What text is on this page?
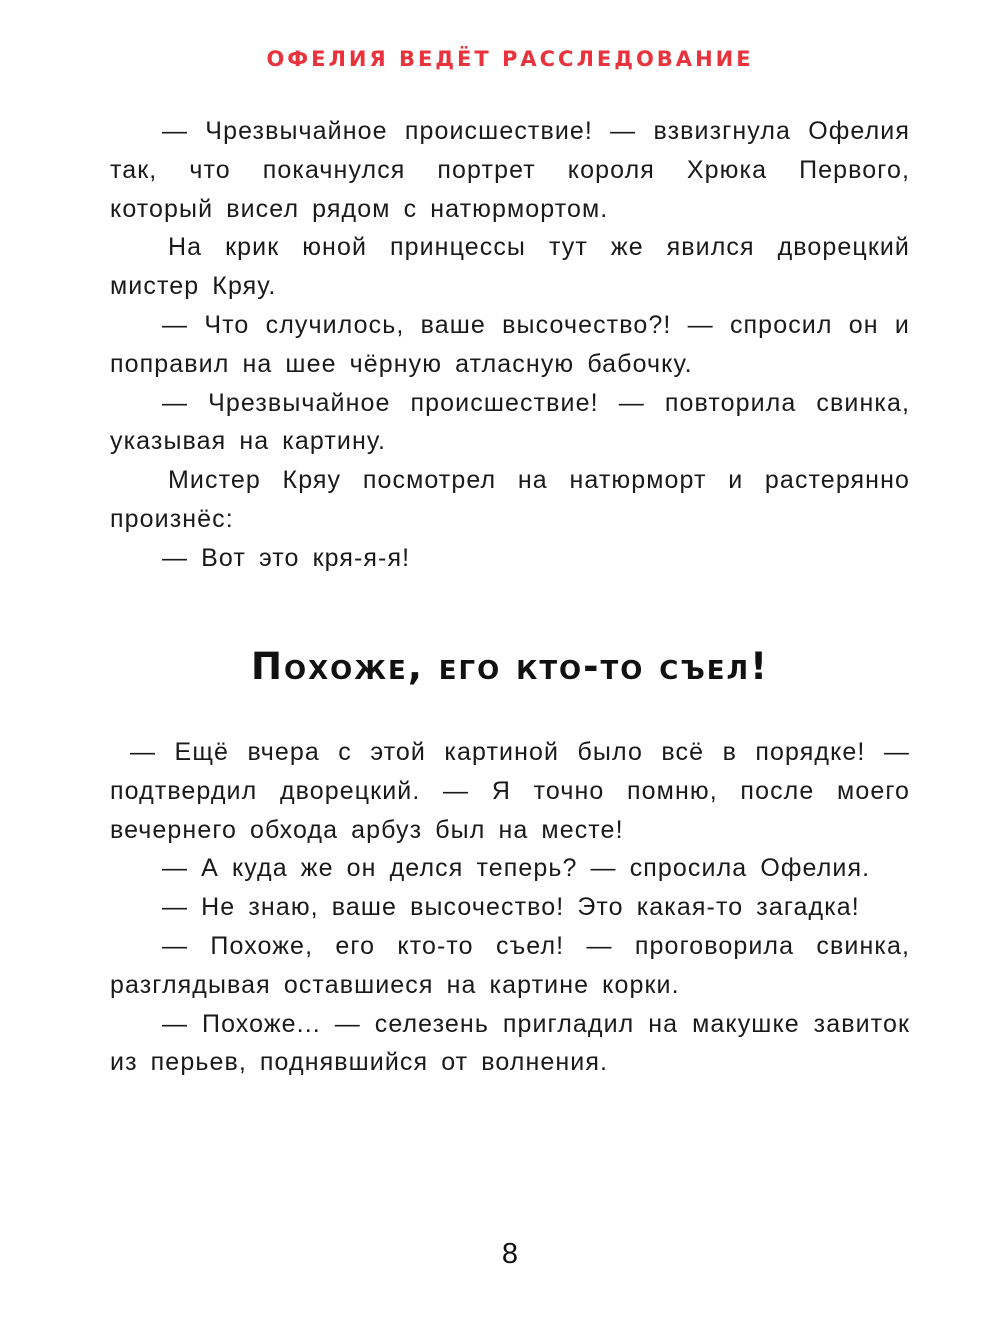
ОФЕЛИЯ ВЕДЁТ РАССЛЕДОВАНИЕ

— Чрезвычайное происшествие! — взвизгнула Офелия так, что покачнулся портрет короля Хрюка Первого, который висел рядом с натюрмортом.

На крик юной принцессы тут же явился дворецкий мистер Кряу.

— Что случилось, ваше высочество?! — спросил он и поправил на шее чёрную атласную бабочку.

— Чрезвычайное происшествие! — повторила свинка, указывая на картину.

Мистер Кряу посмотрел на натюрморт и растерянно произнёс:

— Вот это кря-я-я!

Похоже, его кто-то съел!

— Ещё вчера с этой картиной было всё в порядке! — подтвердил дворецкий. — Я точно помню, после моего вечернего обхода арбуз был на месте!

— А куда же он делся теперь? — спросила Офелия.

— Не знаю, ваше высочество! Это какая-то загадка!

— Похоже, его кто-то съел! — проговорила свинка, разглядывая оставшиеся на картине корки.

— Похоже... — селезень пригладил на макушке завиток из перьев, поднявшийся от волнения.

8
